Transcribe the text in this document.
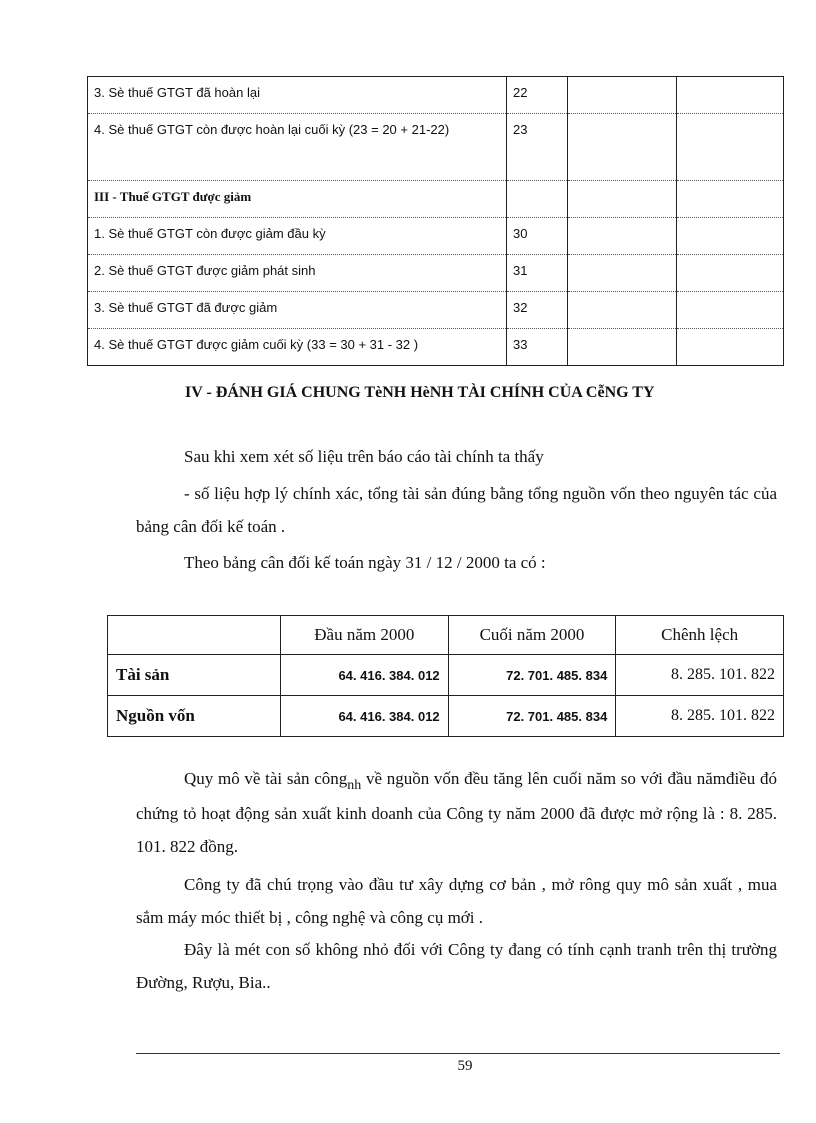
3. Sè thuế GTGT đã hoàn lại	22		
4. Sè thuế GTGT còn được hoàn lại cuối kỳ (23 = 20 + 21-22)	23		
III - Thuế GTGT được giảm			
1. Sè thuế GTGT còn được giảm đầu kỳ	30		
2. Sè thuế GTGT được giảm phát sinh	31		
3. Sè thuế GTGT đã được giảm	32		
4. Sè thuế GTGT được giảm cuối kỳ (33 = 30 + 31 - 32 )	33		
IV - ĐÁNH GIÁ CHUNG TèNH HèNH TÀI CHÍNH CỦA CễNG TY

Sau khi xem xét số liệu trên báo cáo tài chính ta thấy

- số liệu hợp lý chính xác, tổng tài sản đúng bằng tổng nguồn vốn theo nguyên tác của bảng cân đối kế toán .

Theo bảng cân đối kế toán ngày 31 / 12 / 2000 ta có :

	Đầu năm 2000	Cuối năm 2000	Chênh lệch
Tài sản	64. 416. 384. 012	72. 701. 485. 834	8. 285. 101. 822
Nguồn vốn	64. 416. 384. 012	72. 701. 485. 834	8. 285. 101. 822

Quy mô về tài sản công$_{nh}$ về nguồn vốn đều tăng lên cuối năm so với đầu nămđiều đó chứng tỏ hoạt động sản xuất kinh doanh của Công ty năm 2000 đã được mở rộng là : 8. 285. 101. 822 đồng.

Công ty đã chú trọng vào đầu tư xây dựng cơ bản , mở rông quy mô sản xuất , mua sắm máy móc thiết bị , công nghệ và công cụ mới .

Đây là mét con số không nhỏ đối với Công ty đang có tính cạnh tranh trên thị trường Đường, Rượu, Bia..

59
